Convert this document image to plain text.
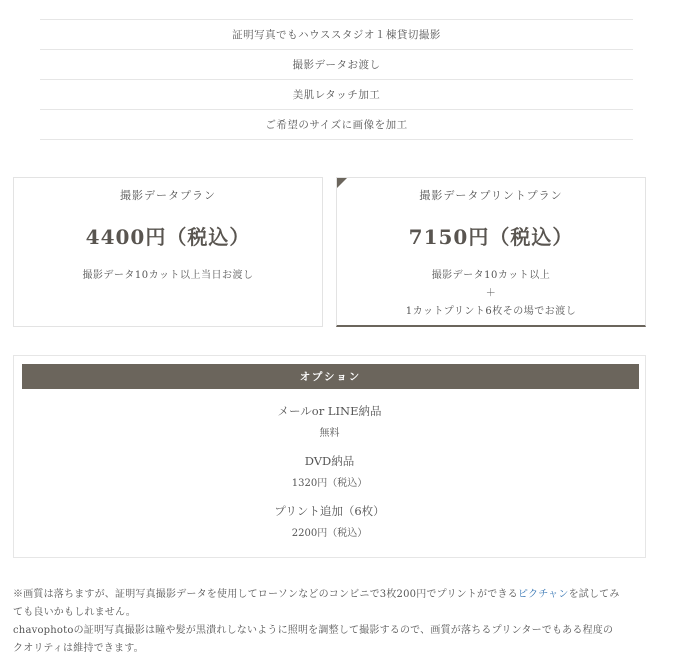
証明写真でもハウススタジオ１棟貸切撮影
撮影データお渡し
美肌レタッチ加工
ご希望のサイズに画像を加工
撮影データプラン
4400円（税込）
撮影データ10カット以上当日お渡し
撮影データプリントプラン
7150円（税込）
撮影データ10カット以上
＋
1カットプリント6枚その場でお渡し
オプション
メールor LINE納品
無料
DVD納品
1320円（税込）
プリント追加（6枚）
2200円（税込）
※画質は落ちますが、証明写真撮影データを使用してローソンなどのコンビニで3枚200円でプリントができるピクチャンを試してみ
ても良いかもしれません。
chavophotoの証明写真撮影は瞳や髪が黒潰れしないように照明を調整して撮影するので、画質が落ちるプリンターでもある程度の
クオリティは維持できます。
